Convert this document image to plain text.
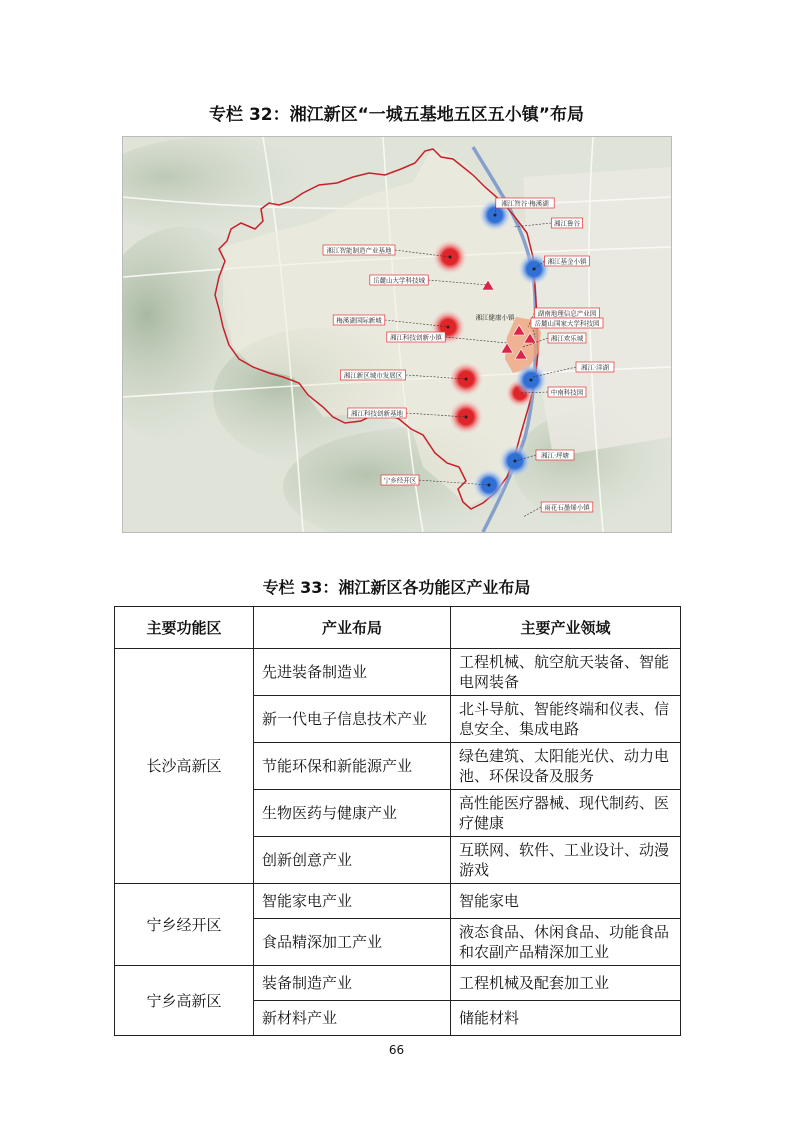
专栏 32：湘江新区“一城五基地五区五小镇”布局
湘江智谷·梅溪湖
湘江鲁谷
湘江基金小镇
雨花石墨烯小镇
湘江智能制造产业基地
岳麓山大学科技城
梅溪湖国际新城
湘江科技创新小镇
湖南地理信息产业园
岳麓山国家大学科技园
湘江欢乐城
湘江·洋湖
中南科技园
宁乡经开区
湘江新区城市发展区
湘江科技创新基地
湘江·坪塘
湘江健康小镇
专栏 33：湘江新区各功能区产业布局
主要功能区	产业布局	主要产业领域
长沙高新区	先进装备制造业	工程机械、航空航天装备、智能电网装备
	新一代电子信息技术产业	北斗导航、智能终端和仪表、信息安全、集成电路
	节能环保和新能源产业	绿色建筑、太阳能光伏、动力电池、环保设备及服务
	生物医药与健康产业	高性能医疗器械、现代制药、医疗健康
	创新创意产业	互联网、软件、工业设计、动漫游戏
宁乡经开区	智能家电产业	智能家电
	食品精深加工产业	液态食品、休闲食品、功能食品和农副产品精深加工业
宁乡高新区	装备制造产业	工程机械及配套加工业
	新材料产业	储能材料
66
